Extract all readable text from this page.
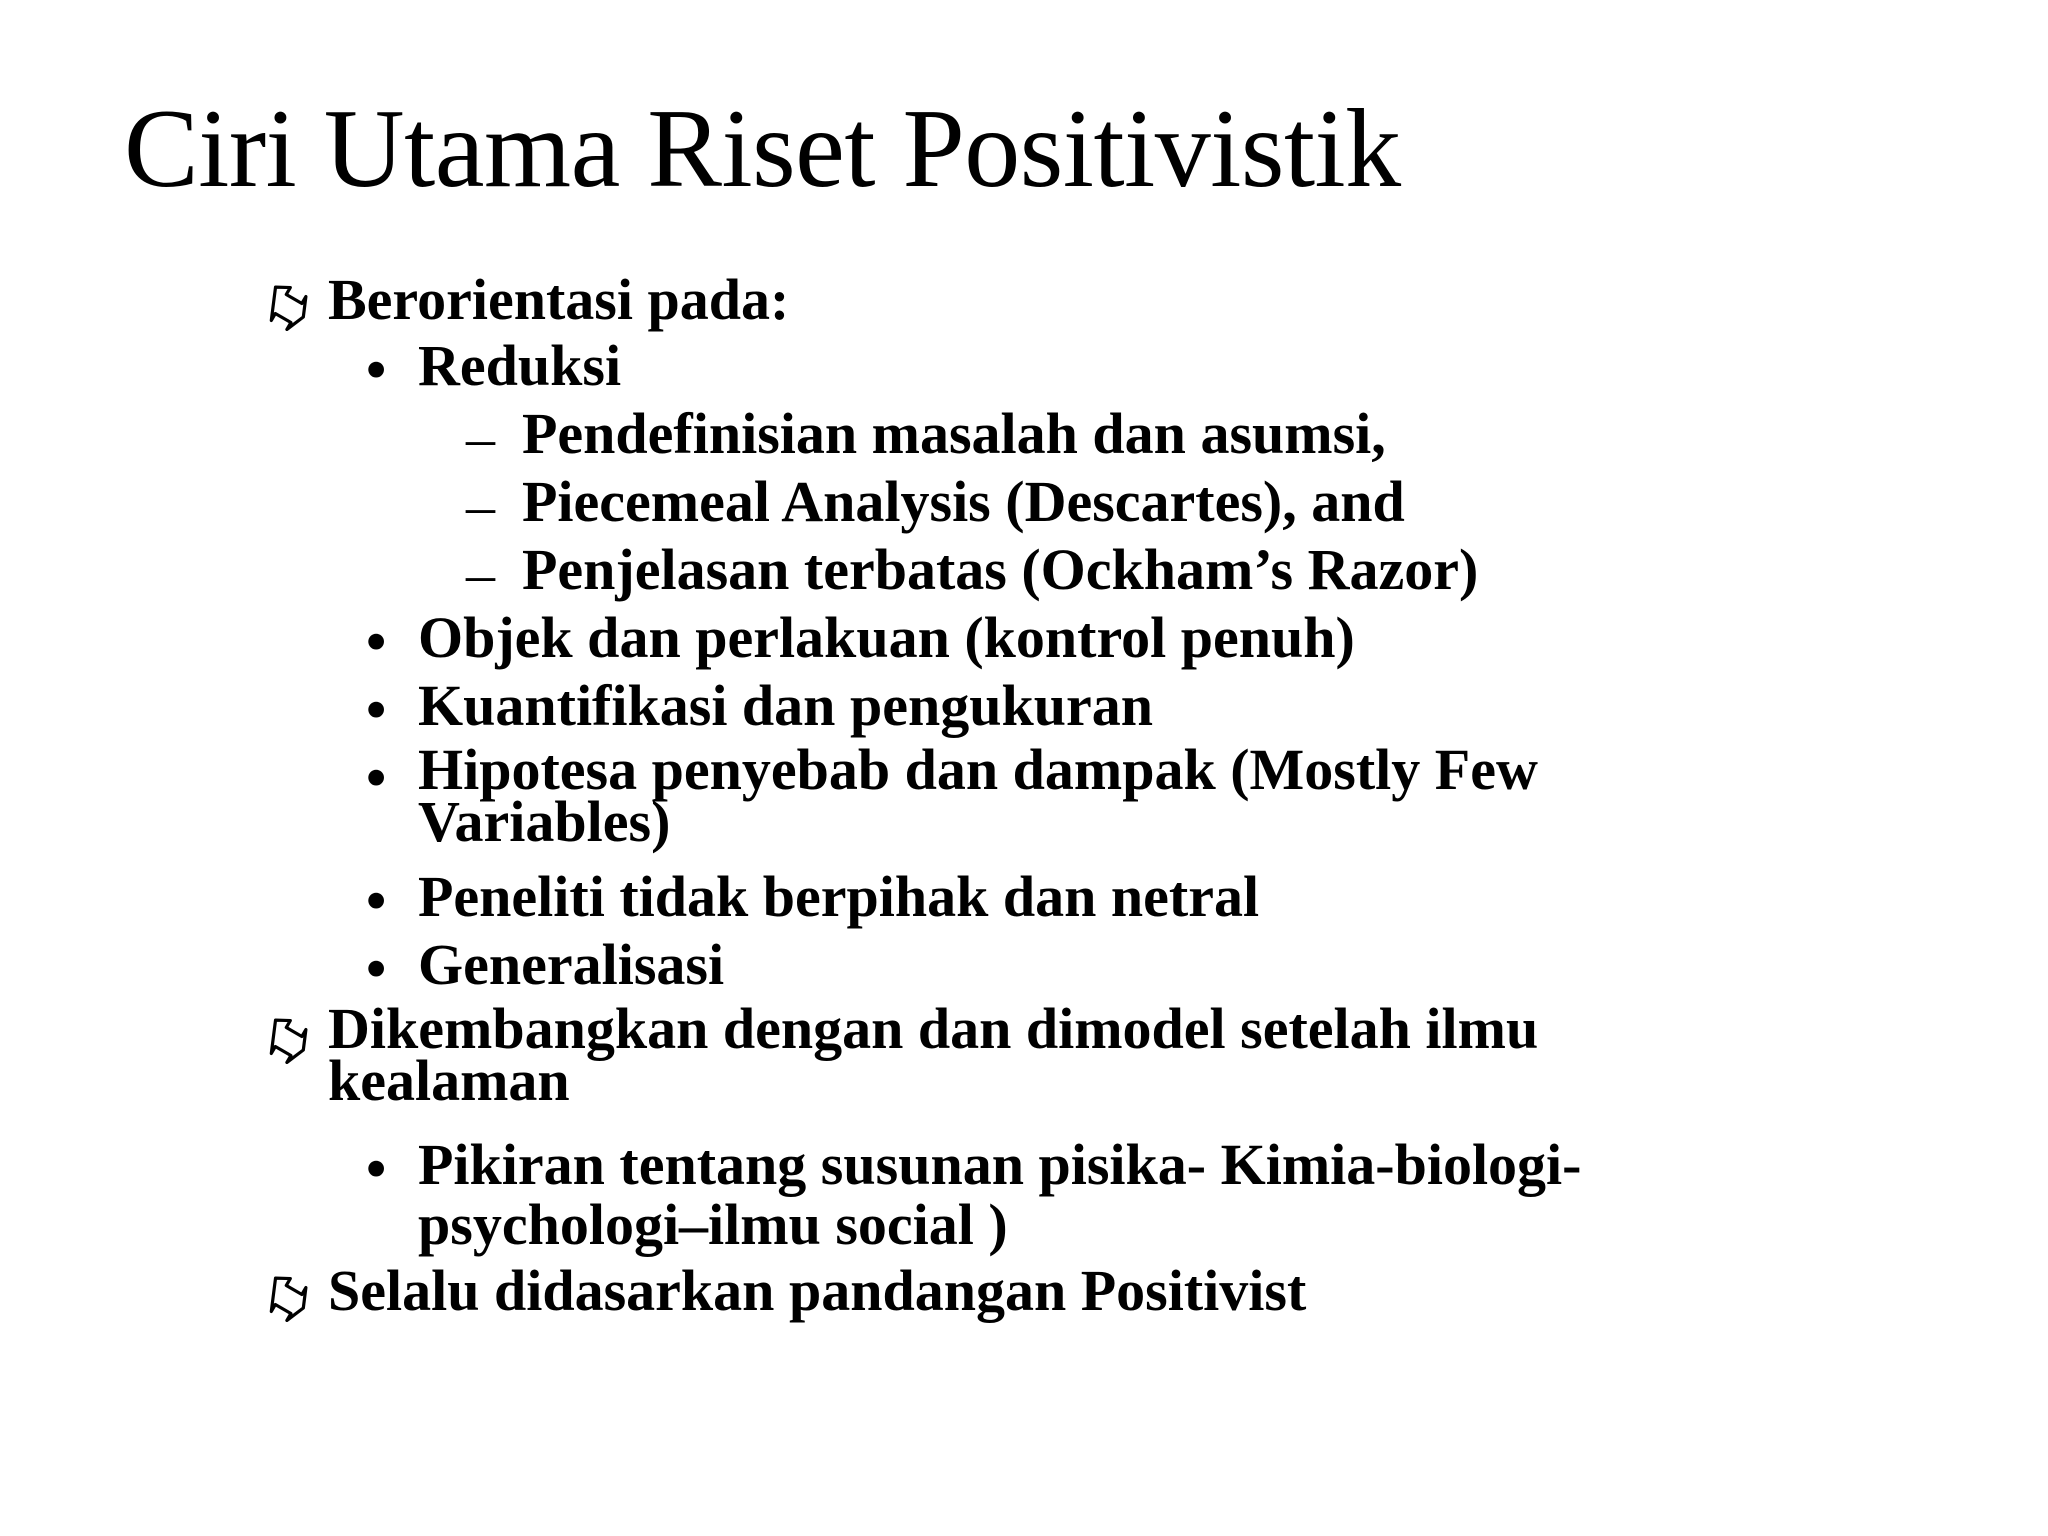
Ciri Utama Riset Positivistik
Berorientasi pada:
• Reduksi
– Pendefinisian masalah dan asumsi,
– Piecemeal Analysis (Descartes), and
– Penjelasan terbatas (Ockham’s Razor)
• Objek dan perlakuan (kontrol penuh)
• Kuantifikasi dan pengukuran
• Hipotesa penyebab dan dampak (Mostly Few
Variables)
• Peneliti tidak berpihak dan netral
• Generalisasi
Dikembangkan dengan dan dimodel setelah ilmu
kealaman
• Pikiran tentang susunan pisika- Kimia-biologi-
psychologi–ilmu social )
Selalu didasarkan pandangan Positivist
